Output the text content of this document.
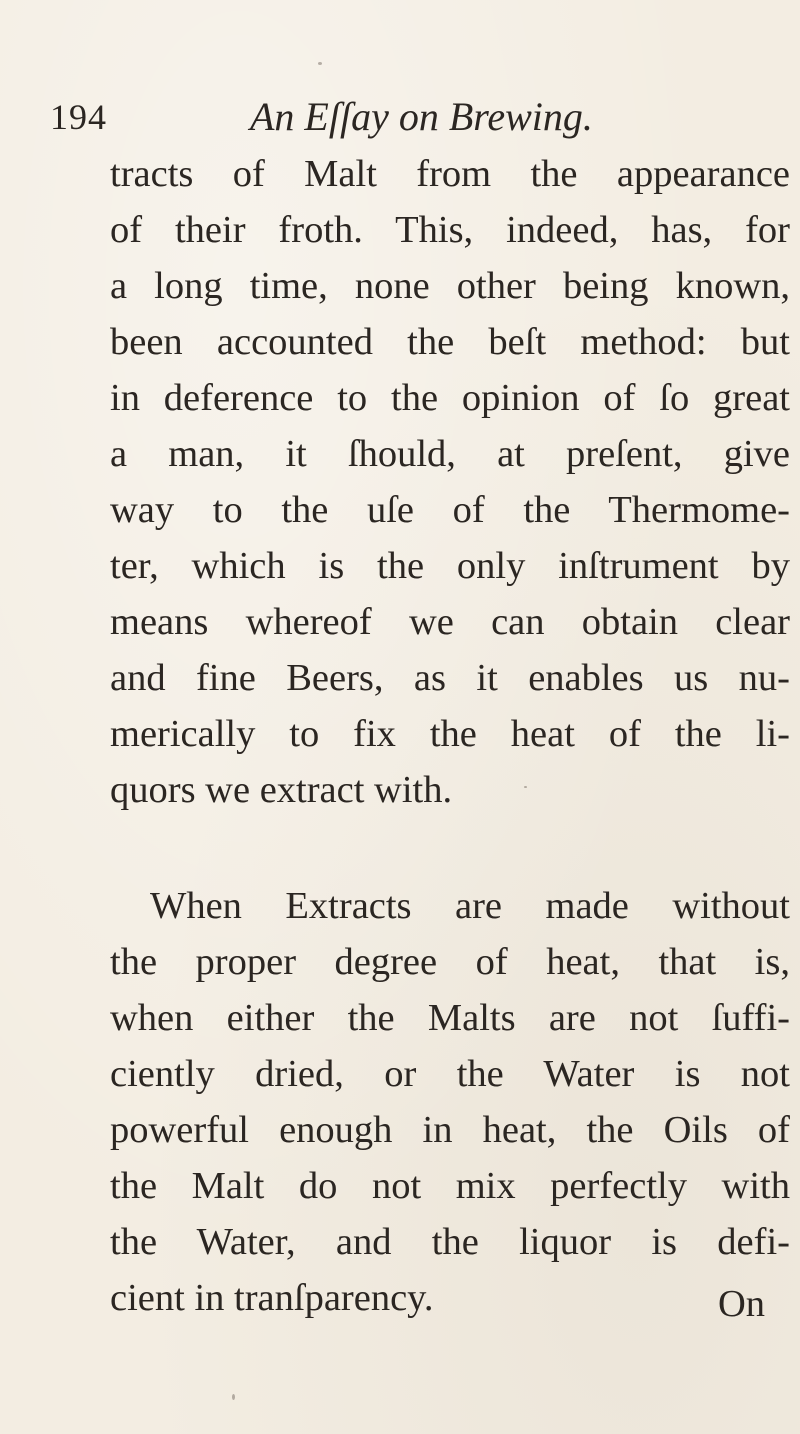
194	An Eſſay on Brewing.
tracts of Malt from the appearance
of their froth. This, indeed, has, for
a long time, none other being known,
been accounted the beſt method: but
in deference to the opinion of ſo great
a man, it ſhould, at preſent, give
way to the uſe of the Thermome-
ter, which is the only inſtrument by
means whereof we can obtain clear
and fine Beers, as it enables us nu-
merically to fix the heat of the li-
quors we extract with.
When Extracts are made without
the proper degree of heat, that is,
when either the Malts are not ſuffi-
ciently dried, or the Water is not
powerful enough in heat, the Oils of
the Malt do not mix perfectly with
the Water, and the liquor is defi-
cient in tranſparency.	On
